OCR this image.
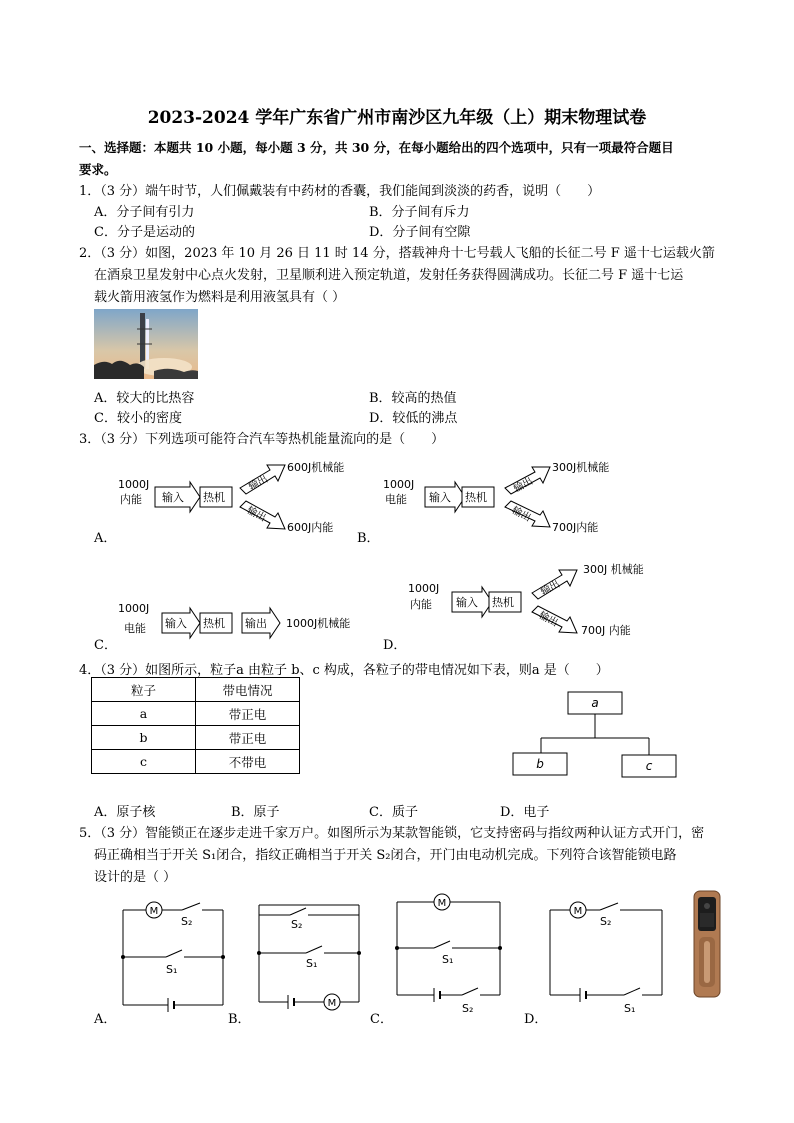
2023-2024 学年广东省广州市南沙区九年级（上）期末物理试卷
一、选择题：本题共 10 小题，每小题 3 分，共 30 分，在每小题给出的四个选项中，只有一项最符合题目
要求。
1．（3 分）端午时节，人们佩戴装有中药材的香囊，我们能闻到淡淡的药香，说明（　　）
A．分子间有引力	B．分子间有斥力
C．分子是运动的	D．分子间有空隙
2．（3 分）如图，2023 年 10 月 26 日 11 时 14 分，搭载神舟十七号载人飞船的长征二号 F 遥十七运载火箭
在酒泉卫星发射中心点火发射，卫星顺利进入预定轨道，发射任务获得圆满成功。长征二号 F 遥十七运
载火箭用液氢作为燃料是利用液氢具有（ ）
A．较大的比热容	B．较高的热值
C．较小的密度	D．较低的沸点
3．（3 分）下列选项可能符合汽车等热机能量流向的是（　　）
1000J
内能 输入 热机
输出
600J机械能
输出
600J内能
A．
1000J
电能 输入 热机
输出
300J机械能
输出
700J内能
B．
1000J
电能 输入 热机 输出 1000J机械能
C．
1000J
内能 输入 热机
输出
300J 机械能
输出
700J 内能
D．
4．（3 分）如图所示，粒子a 由粒子 b、c 构成，各粒子的带电情况如下表，则a 是（　　）
粒子	带电情况
a	带正电
b	带正电
c	不带电
a
b	c
A．原子核	B．原子	C．质子	D．电子
5．（3 分）智能锁正在逐步走进千家万户。如图所示为某款智能锁，它支持密码与指纹两种认证方式开门，密
码正确相当于开关 S₁闭合，指纹正确相当于开关 S₂闭合，开门由电动机完成。下列符合该智能锁电路
设计的是（ ）
M
S₂
S₁
A．
S₂
S₁
M
B．
M
S₁
S₂
C．
M
S₂
S₁
D．
